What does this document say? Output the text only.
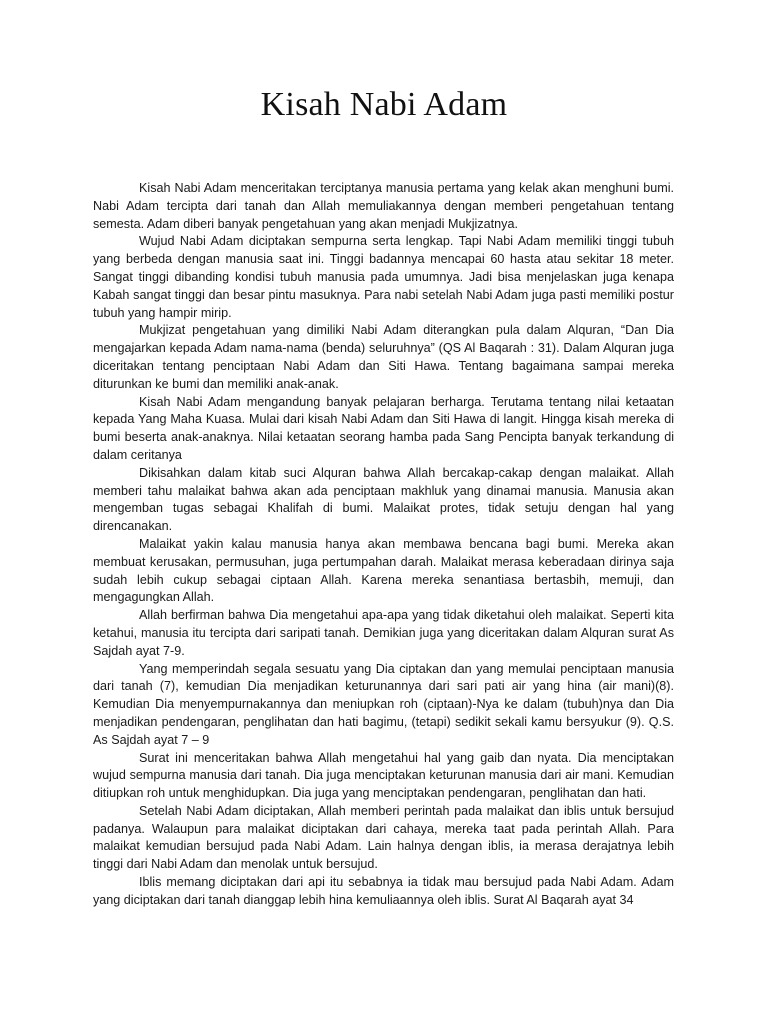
Kisah Nabi Adam

Kisah Nabi Adam menceritakan terciptanya manusia pertama yang kelak akan menghuni bumi. Nabi Adam tercipta dari tanah dan Allah memuliakannya dengan memberi pengetahuan tentang semesta. Adam diberi banyak pengetahuan yang akan menjadi Mukjizatnya.

Wujud Nabi Adam diciptakan sempurna serta lengkap. Tapi Nabi Adam memiliki tinggi tubuh yang berbeda dengan manusia saat ini. Tinggi badannya mencapai 60 hasta atau sekitar 18 meter. Sangat tinggi dibanding kondisi tubuh manusia pada umumnya. Jadi bisa menjelaskan juga kenapa Kabah sangat tinggi dan besar pintu masuknya. Para nabi setelah Nabi Adam juga pasti memiliki postur tubuh yang hampir mirip.

Mukjizat pengetahuan yang dimiliki Nabi Adam diterangkan pula dalam Alquran, “Dan Dia mengajarkan kepada Adam nama-nama (benda) seluruhnya” (QS Al Baqarah : 31). Dalam Alquran juga diceritakan tentang penciptaan Nabi Adam dan Siti Hawa. Tentang bagaimana sampai mereka diturunkan ke bumi dan memiliki anak-anak.

Kisah Nabi Adam mengandung banyak pelajaran berharga. Terutama tentang nilai ketaatan kepada Yang Maha Kuasa. Mulai dari kisah Nabi Adam dan Siti Hawa di langit. Hingga kisah mereka di bumi beserta anak-anaknya. Nilai ketaatan seorang hamba pada Sang Pencipta banyak terkandung di dalam ceritanya

Dikisahkan dalam kitab suci Alquran bahwa Allah bercakap-cakap dengan malaikat. Allah memberi tahu malaikat bahwa akan ada penciptaan makhluk yang dinamai manusia. Manusia akan mengemban tugas sebagai Khalifah di bumi. Malaikat protes, tidak setuju dengan hal yang direncanakan.

Malaikat yakin kalau manusia hanya akan membawa bencana bagi bumi. Mereka akan membuat kerusakan, permusuhan, juga pertumpahan darah. Malaikat merasa keberadaan dirinya saja sudah lebih cukup sebagai ciptaan Allah. Karena mereka senantiasa bertasbih, memuji, dan mengagungkan Allah.

Allah berfirman bahwa Dia mengetahui apa-apa yang tidak diketahui oleh malaikat. Seperti kita ketahui, manusia itu tercipta dari saripati tanah. Demikian juga yang diceritakan dalam Alquran surat As Sajdah ayat 7-9.

Yang memperindah segala sesuatu yang Dia ciptakan dan yang memulai penciptaan manusia dari tanah (7), kemudian Dia menjadikan keturunannya dari sari pati air yang hina (air mani)(8). Kemudian Dia menyempurnakannya dan meniupkan roh (ciptaan)-Nya ke dalam (tubuh)nya dan Dia menjadikan pendengaran, penglihatan dan hati bagimu, (tetapi) sedikit sekali kamu bersyukur (9). Q.S. As Sajdah ayat 7 – 9

Surat ini menceritakan bahwa Allah mengetahui hal yang gaib dan nyata. Dia menciptakan wujud sempurna manusia dari tanah. Dia juga menciptakan keturunan manusia dari air mani. Kemudian ditiupkan roh untuk menghidupkan. Dia juga yang menciptakan pendengaran, penglihatan dan hati.

Setelah Nabi Adam diciptakan, Allah memberi perintah pada malaikat dan iblis untuk bersujud padanya. Walaupun para malaikat diciptakan dari cahaya, mereka taat pada perintah Allah. Para malaikat kemudian bersujud pada Nabi Adam. Lain halnya dengan iblis, ia merasa derajatnya lebih tinggi dari Nabi Adam dan menolak untuk bersujud.

Iblis memang diciptakan dari api itu sebabnya ia tidak mau bersujud pada Nabi Adam. Adam yang diciptakan dari tanah dianggap lebih hina kemuliaannya oleh iblis. Surat Al Baqarah ayat 34
